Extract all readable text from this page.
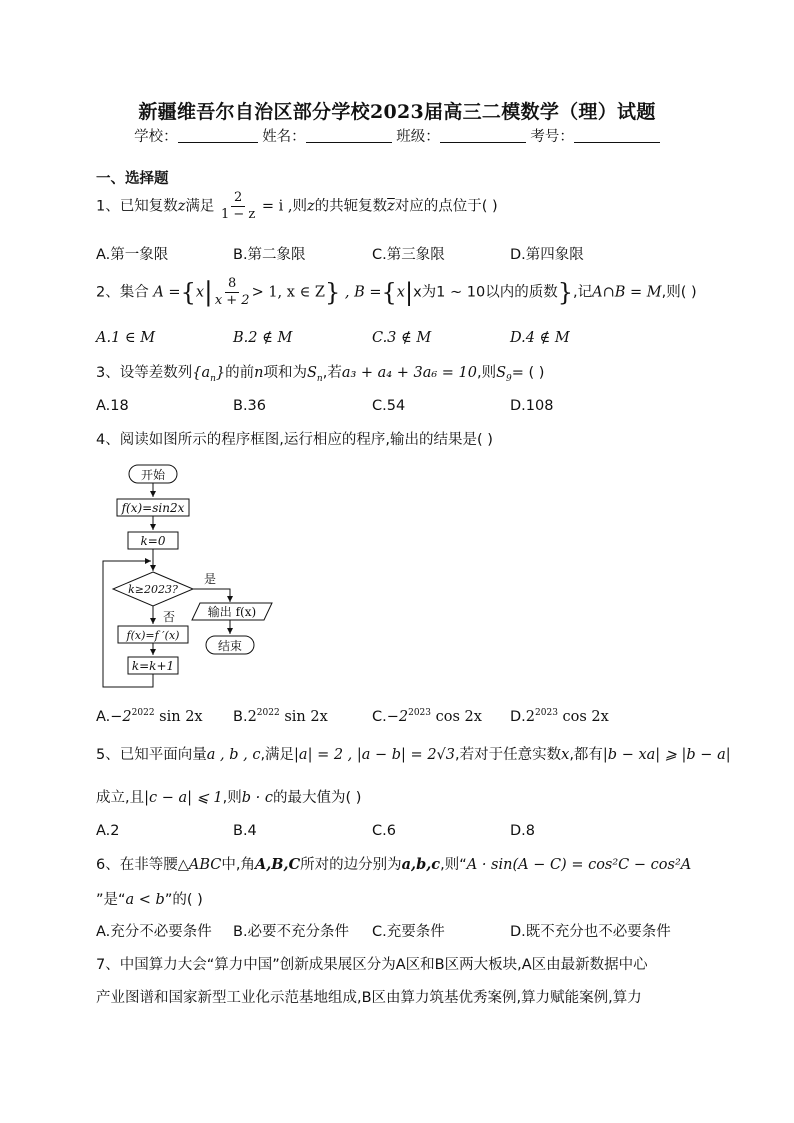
新疆维吾尔自治区部分学校2023届高三二模数学（理）试题
学校：	姓名：	班级：	考号：
一、选择题
1、已知复数z满足 $\frac{2}{1 - z} = i$ ,则z的共轭复数$\overline{z}$对应的点位于( )
A.第一象限	B.第二象限	C.第三象限	D.第四象限
2、集合 $A =\{x| \frac{8}{x + 2} > 1$, x ∈ Z} , B ={x|x为1 ~ 10以内的质数},记A∩B = M,则( )
A.1 ∈ M	B.2 ∉ M	C.3 ∉ M	D.4 ∉ M
3、设等差数列$\{a_n\}$的前n项和为$S_n$,若a₃ + a₄ + 3a₆ = 10,则$S_9=$ ( )
A.18	B.36	C.54	D.108
4、阅读如图所示的程序框图,运行相应的程序,输出的结果是( )
开始
f(x)=sin2x
k=0
k≥2023?
是
否	输出 f(x)
结束
f(x)=f ′(x)
k=k+1
$A.-2^{2022}$ sin 2x $B.2^{2022}$ sin 2x	$C.-2^{2023}$ cos 2x $D.2^{2023}$ cos 2x
5、已知平面向量a , b , c,满足|a| = 2 , |a − b| = 2√3,若对于任意实数x,都有|b − xa| ⩾ |b − a|
成立,且|c − a| ⩽ 1,则b · c的最大值为( )
A.2	B.4	C.6	D.8
6、在非等腰△ABC中,角A,B,C所对的边分别为a,b,c,则“A · sin(A − C) = cos²C − cos²A
”是“a < b”的( )
A.充分不必要条件 B.必要不充分条件 C.充要条件	D.既不充分也不必要条件
7、中国算力大会“算力中国”创新成果展区分为A区和B区两大板块,A区由最新数据中心
产业图谱和国家新型工业化示范基地组成,B区由算力筑基优秀案例,算力赋能案例,算力
